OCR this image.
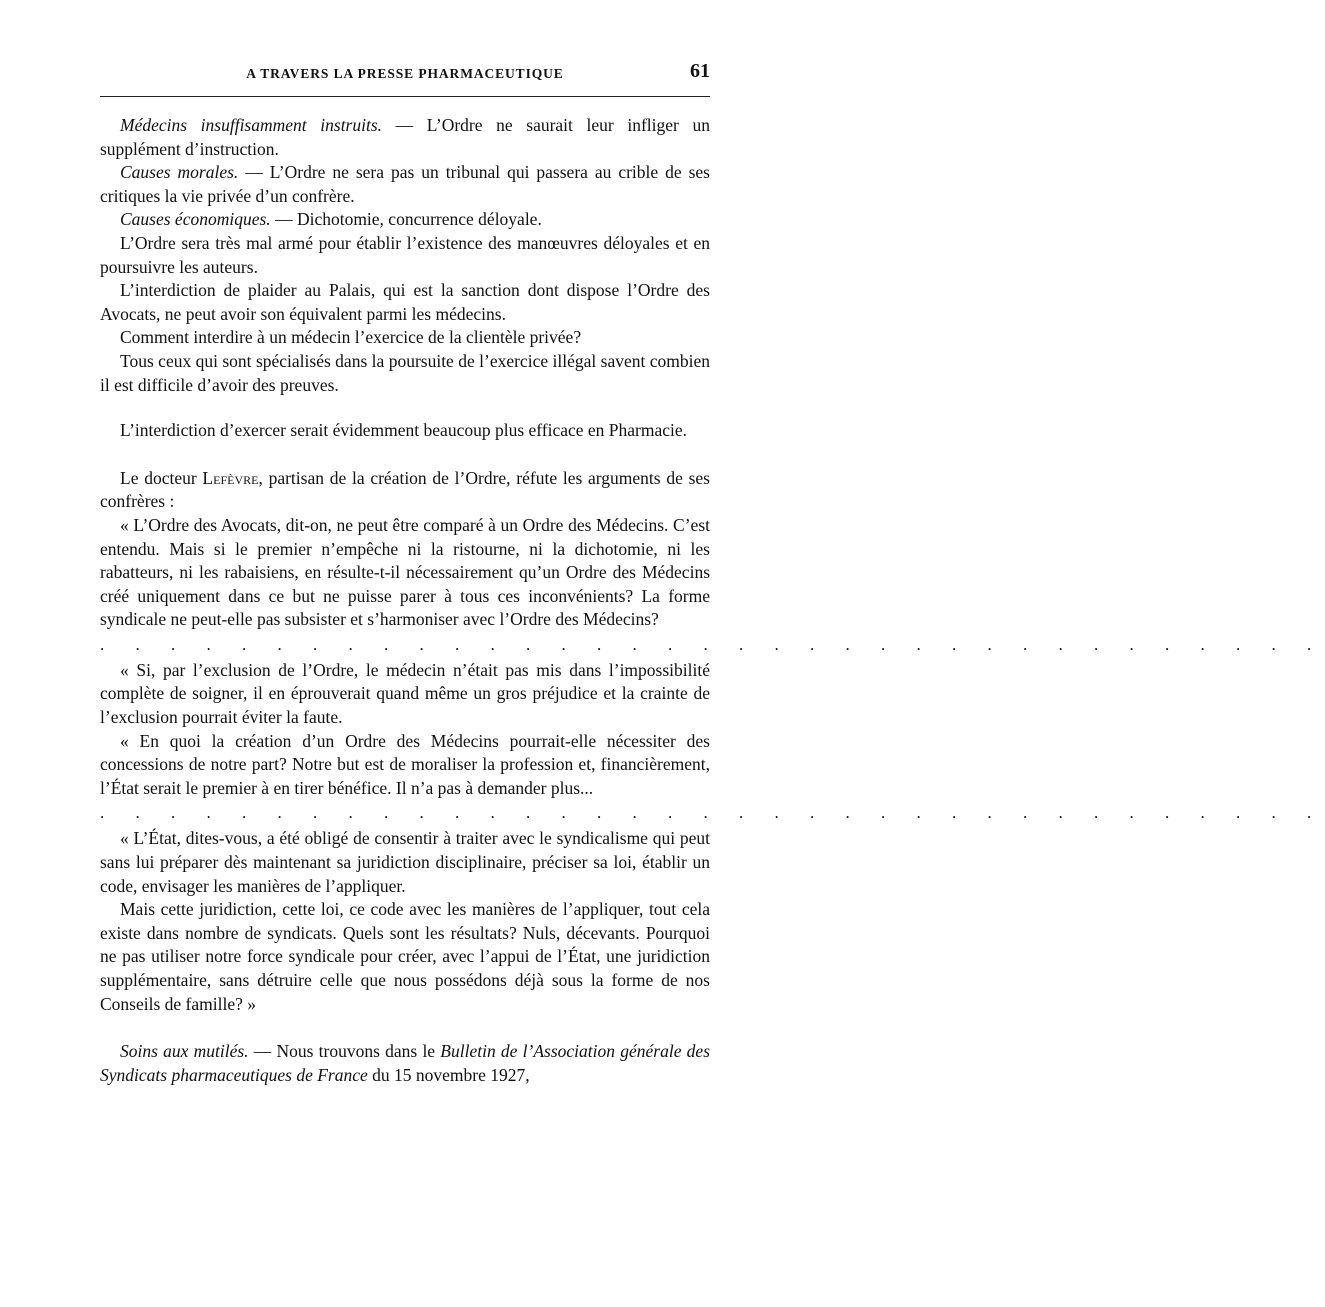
A TRAVERS LA PRESSE PHARMACEUTIQUE	61

Médecins insuffisamment instruits. — L’Ordre ne saurait leur infliger un supplément d’instruction.

Causes morales. — L’Ordre ne sera pas un tribunal qui passera au crible de ses critiques la vie privée d’un confrère.

Causes économiques. — Dichotomie, concurrence déloyale.

L’Ordre sera très mal armé pour établir l’existence des manœuvres déloyales et en poursuivre les auteurs.

L’interdiction de plaider au Palais, qui est la sanction dont dispose l’Ordre des Avocats, ne peut avoir son équivalent parmi les médecins.

Comment interdire à un médecin l’exercice de la clientèle privée?

Tous ceux qui sont spécialisés dans la poursuite de l’exercice illégal savent combien il est difficile d’avoir des preuves.

L’interdiction d’exercer serait évidemment beaucoup plus efficace en Pharmacie.

Le docteur Lefèvre, partisan de la création de l’Ordre, réfute les arguments de ses confrères :

« L’Ordre des Avocats, dit-on, ne peut être comparé à un Ordre des Médecins. C’est entendu. Mais si le premier n’empêche ni la ristourne, ni la dichotomie, ni les rabatteurs, ni les rabaisiens, en résulte-t-il nécessairement qu’un Ordre des Médecins créé uniquement dans ce but ne puisse parer à tous ces inconvénients? La forme syndicale ne peut-elle pas subsister et s’harmoniser avec l’Ordre des Médecins?

. . . . . . . . . . . . . . . . . . . . . . . . . . . . . . . . . . .

« Si, par l’exclusion de l’Ordre, le médecin n’était pas mis dans l’impossibilité complète de soigner, il en éprouverait quand même un gros préjudice et la crainte de l’exclusion pourrait éviter la faute.

« En quoi la création d’un Ordre des Médecins pourrait-elle nécessiter des concessions de notre part? Notre but est de moraliser la profession et, financièrement, l’État serait le premier à en tirer bénéfice. Il n’a pas à demander plus...

. . . . . . . . . . . . . . . . . . . . . . . . . . . . . . . . . . .

« L’État, dites-vous, a été obligé de consentir à traiter avec le syndicalisme qui peut sans lui préparer dès maintenant sa juridiction disciplinaire, préciser sa loi, établir un code, envisager les manières de l’appliquer.

Mais cette juridiction, cette loi, ce code avec les manières de l’appliquer, tout cela existe dans nombre de syndicats. Quels sont les résultats? Nuls, décevants. Pourquoi ne pas utiliser notre force syndicale pour créer, avec l’appui de l’État, une juridiction supplémentaire, sans détruire celle que nous possédons déjà sous la forme de nos Conseils de famille? »

Soins aux mutilés. — Nous trouvons dans le Bulletin de l’Association générale des Syndicats pharmaceutiques de France du 15 novembre 1927,
